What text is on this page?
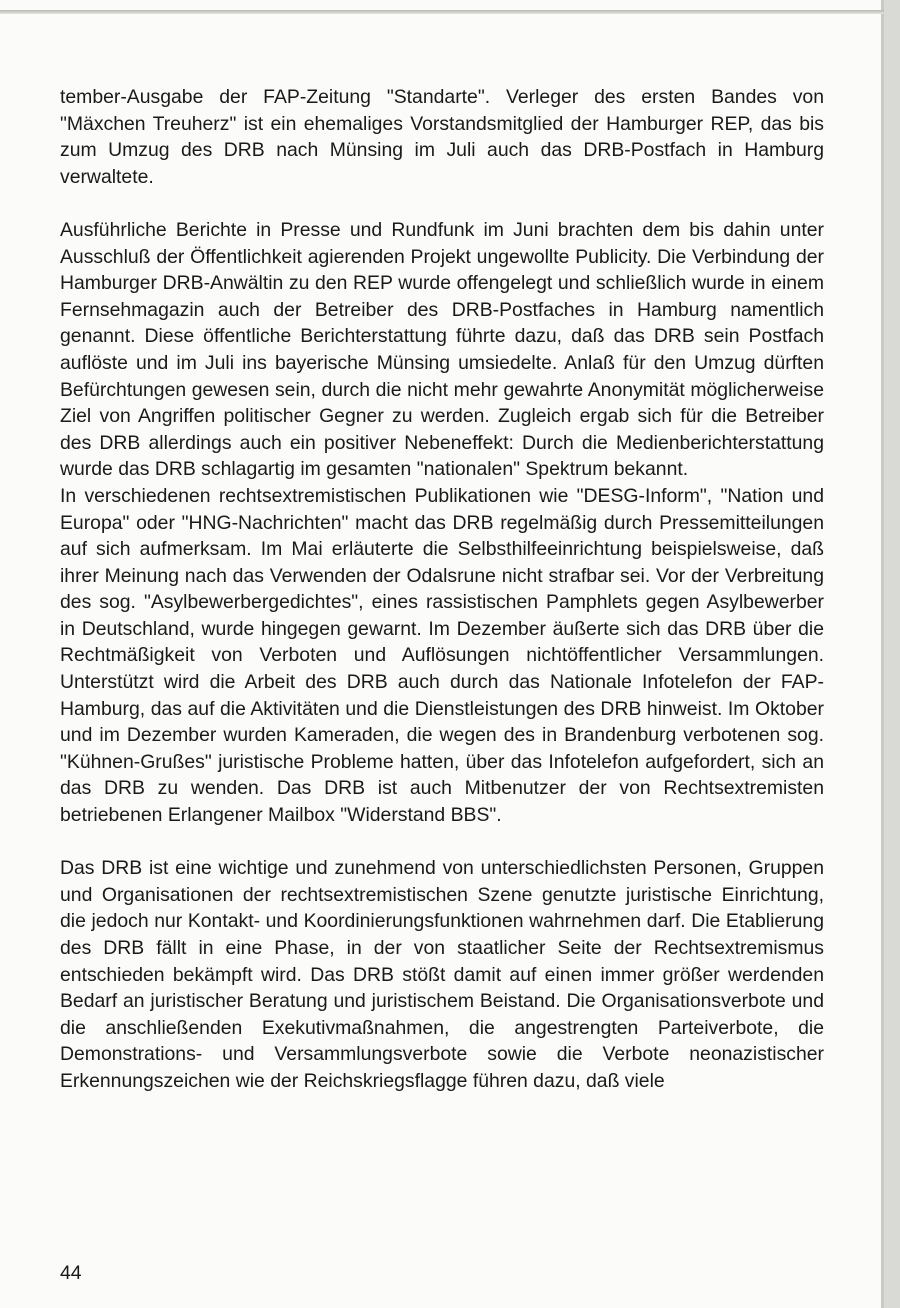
tember-Ausgabe der FAP-Zeitung "Standarte". Verleger des ersten Bandes von "Mäxchen Treuherz" ist ein ehemaliges Vorstandsmitglied der Hamburger REP, das bis zum Umzug des DRB nach Münsing im Juli auch das DRB-Postfach in Hamburg verwaltete.

Ausführliche Berichte in Presse und Rundfunk im Juni brachten dem bis dahin unter Ausschluß der Öffentlichkeit agierenden Projekt ungewollte Publicity. Die Verbindung der Hamburger DRB-Anwältin zu den REP wurde offengelegt und schließlich wurde in einem Fernsehmagazin auch der Betreiber des DRB-Postfaches in Hamburg namentlich genannt. Diese öffentliche Berichterstattung führte dazu, daß das DRB sein Postfach auflöste und im Juli ins bayerische Münsing umsiedelte. Anlaß für den Umzug dürften Befürchtungen gewesen sein, durch die nicht mehr gewahrte Anonymität möglicherweise Ziel von Angriffen politischer Gegner zu werden. Zugleich ergab sich für die Betreiber des DRB allerdings auch ein positiver Nebeneffekt: Durch die Medienberichterstattung wurde das DRB schlagartig im gesamten "nationalen" Spektrum bekannt.

In verschiedenen rechtsextremistischen Publikationen wie "DESG-Inform", "Nation und Europa" oder "HNG-Nachrichten" macht das DRB regelmäßig durch Pressemitteilungen auf sich aufmerksam. Im Mai erläuterte die Selbsthilfeeinrichtung beispielsweise, daß ihrer Meinung nach das Verwenden der Odalsrune nicht strafbar sei. Vor der Verbreitung des sog. "Asylbewerbergedichtes", eines rassistischen Pamphlets gegen Asylbewerber in Deutschland, wurde hingegen gewarnt. Im Dezember äußerte sich das DRB über die Rechtmäßigkeit von Verboten und Auflösungen nichtöffentlicher Versammlungen. Unterstützt wird die Arbeit des DRB auch durch das Nationale Infotelefon der FAP-Hamburg, das auf die Aktivitäten und die Dienstleistungen des DRB hinweist. Im Oktober und im Dezember wurden Kameraden, die wegen des in Brandenburg verbotenen sog. "Kühnen-Grußes" juristische Probleme hatten, über das Infotelefon aufgefordert, sich an das DRB zu wenden. Das DRB ist auch Mitbenutzer der von Rechtsextremisten betriebenen Erlangener Mailbox "Widerstand BBS".

Das DRB ist eine wichtige und zunehmend von unterschiedlichsten Personen, Gruppen und Organisationen der rechtsextremistischen Szene genutzte juristische Einrichtung, die jedoch nur Kontakt- und Koordinierungsfunktionen wahrnehmen darf. Die Etablierung des DRB fällt in eine Phase, in der von staatlicher Seite der Rechtsextremismus entschieden bekämpft wird. Das DRB stößt damit auf einen immer größer werdenden Bedarf an juristischer Beratung und juristischem Beistand. Die Organisationsverbote und die anschließenden Exekutivmaßnahmen, die angestrengten Parteiverbote, die Demonstrations- und Versammlungsverbote sowie die Verbote neonazistischer Erkennungszeichen wie der Reichskriegsflagge führen dazu, daß viele

44
